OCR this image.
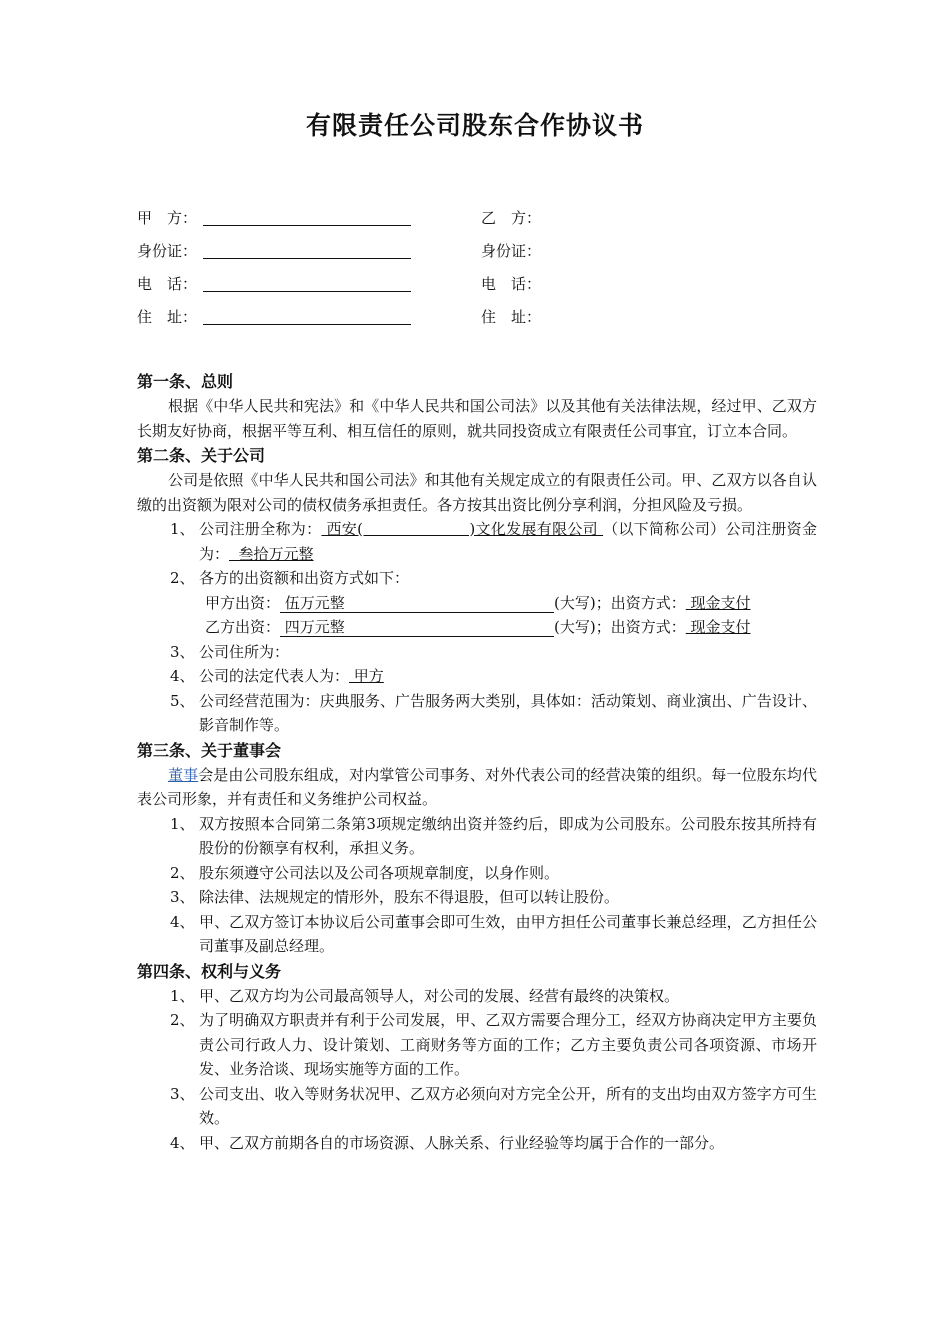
有限责任公司股东合作协议书
甲　方：
身份证：
电　话：
住　址：
乙　方：
身份证：
电　话：
住　址：

第一条、总则

根据《中华人民共和宪法》和《中华人民共和国公司法》以及其他有关法律法规，经过甲、乙双方长期友好协商，根据平等互利、相互信任的原则，就共同投资成立有限责任公司事宜，订立本合同。

第二条、关于公司

公司是依照《中华人民共和国公司法》和其他有关规定成立的有限责任公司。甲、乙双方以各自认缴的出资额为限对公司的债权债务承担责任。各方按其出资比例分享利润，分担风险及亏损。

1、 公司注册全称为： 西安(                     )文化发展有限公司 （以下简称公司）公司注册资金为：  叁拾万元整
2、 各方的出资额和出资方式如下：
甲方出资： 伍万元整	(大写)；出资方式： 现金支付
乙方出资： 四万元整	(大写)；出资方式： 现金支付
3、 公司住所为：
4、 公司的法定代表人为： 甲方
5、 公司经营范围为：庆典服务、广告服务两大类别，具体如：活动策划、商业演出、广告设计、影音制作等。

第三条、关于董事会

董事会是由公司股东组成，对内掌管公司事务、对外代表公司的经营决策的组织。每一位股东均代表公司形象，并有责任和义务维护公司权益。

1、 双方按照本合同第二条第3项规定缴纳出资并签约后，即成为公司股东。公司股东按其所持有股份的份额享有权利，承担义务。
2、 股东须遵守公司法以及公司各项规章制度，以身作则。
3、 除法律、法规规定的情形外，股东不得退股，但可以转让股份。
4、 甲、乙双方签订本协议后公司董事会即可生效，由甲方担任公司董事长兼总经理，乙方担任公司董事及副总经理。

第四条、权利与义务

1、 甲、乙双方均为公司最高领导人，对公司的发展、经营有最终的决策权。
2、 为了明确双方职责并有利于公司发展，甲、乙双方需要合理分工，经双方协商决定甲方主要负责公司行政人力、设计策划、工商财务等方面的工作；乙方主要负责公司各项资源、市场开发、业务洽谈、现场实施等方面的工作。
3、 公司支出、收入等财务状况甲、乙双方必须向对方完全公开，所有的支出均由双方签字方可生效。
4、 甲、乙双方前期各自的市场资源、人脉关系、行业经验等均属于合作的一部分。
